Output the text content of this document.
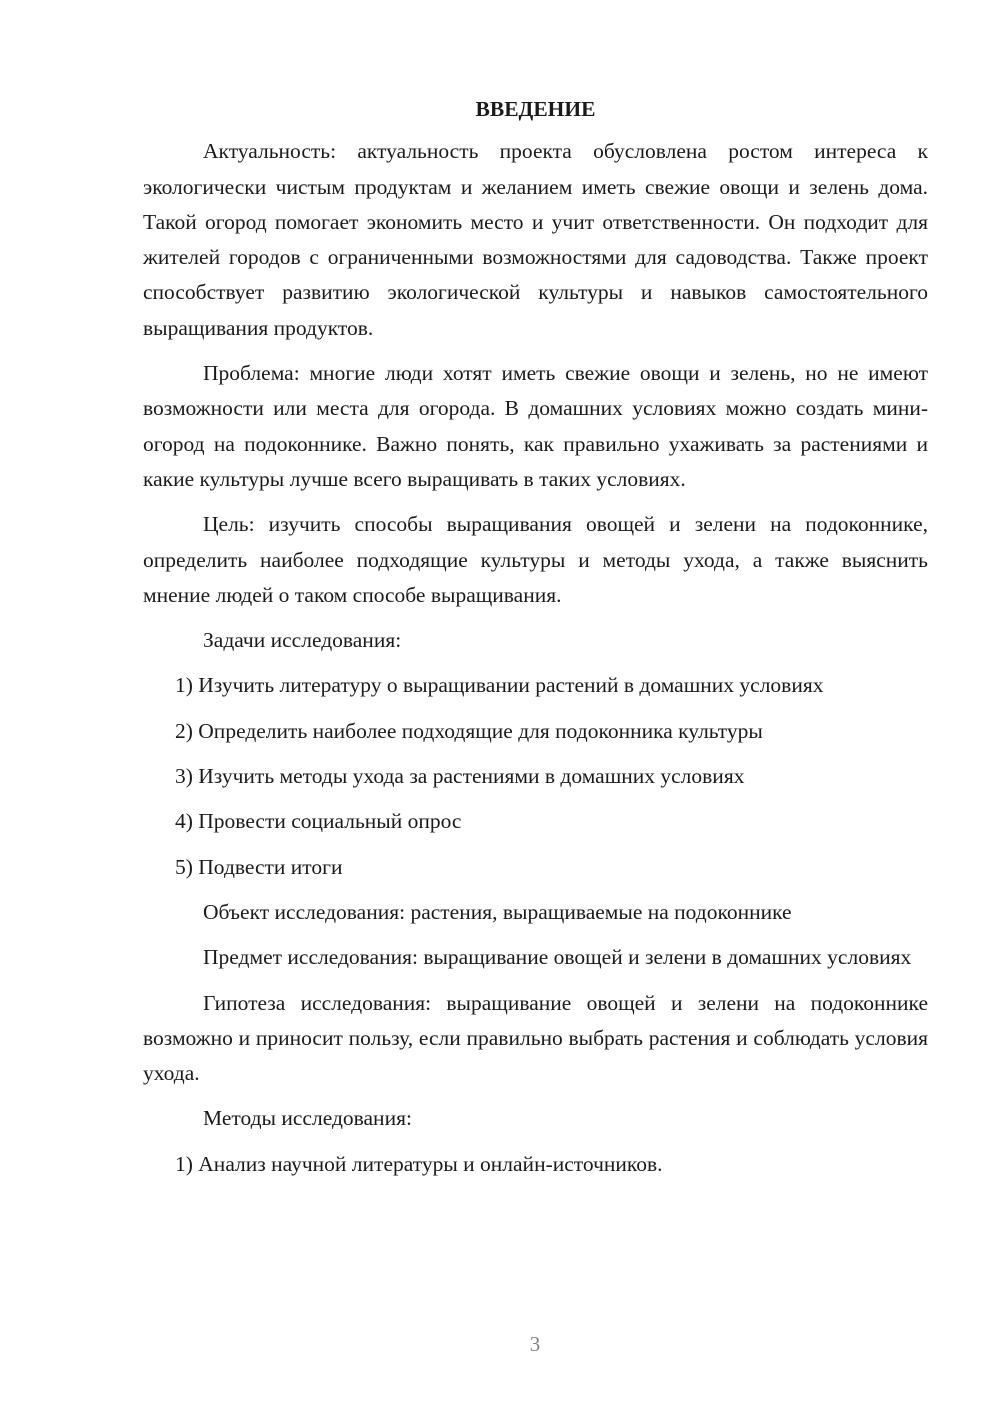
ВВЕДЕНИЕ

Актуальность: актуальность проекта обусловлена ростом интереса к экологически чистым продуктам и желанием иметь свежие овощи и зелень дома. Такой огород помогает экономить место и учит ответственности. Он подходит для жителей городов с ограниченными возможностями для садоводства. Также проект способствует развитию экологической культуры и навыков самостоятельного выращивания продуктов.

Проблема: многие люди хотят иметь свежие овощи и зелень, но не имеют возможности или места для огорода. В домашних условиях можно создать мини-огород на подоконнике. Важно понять, как правильно ухаживать за растениями и какие культуры лучше всего выращивать в таких условиях.

Цель: изучить способы выращивания овощей и зелени на подоконнике, определить наиболее подходящие культуры и методы ухода, а также выяснить мнение людей о таком способе выращивания.

Задачи исследования:

1) Изучить литературу о выращивании растений в домашних условиях
2) Определить наиболее подходящие для подоконника культуры
3) Изучить методы ухода за растениями в домашних условиях
4) Провести социальный опрос
5) Подвести итоги

Объект исследования: растения, выращиваемые на подоконнике

Предмет исследования: выращивание овощей и зелени в домашних условиях

Гипотеза исследования: выращивание овощей и зелени на подоконнике возможно и приносит пользу, если правильно выбрать растения и соблюдать условия ухода.

Методы исследования:

1) Анализ научной литературы и онлайн-источников.
3
